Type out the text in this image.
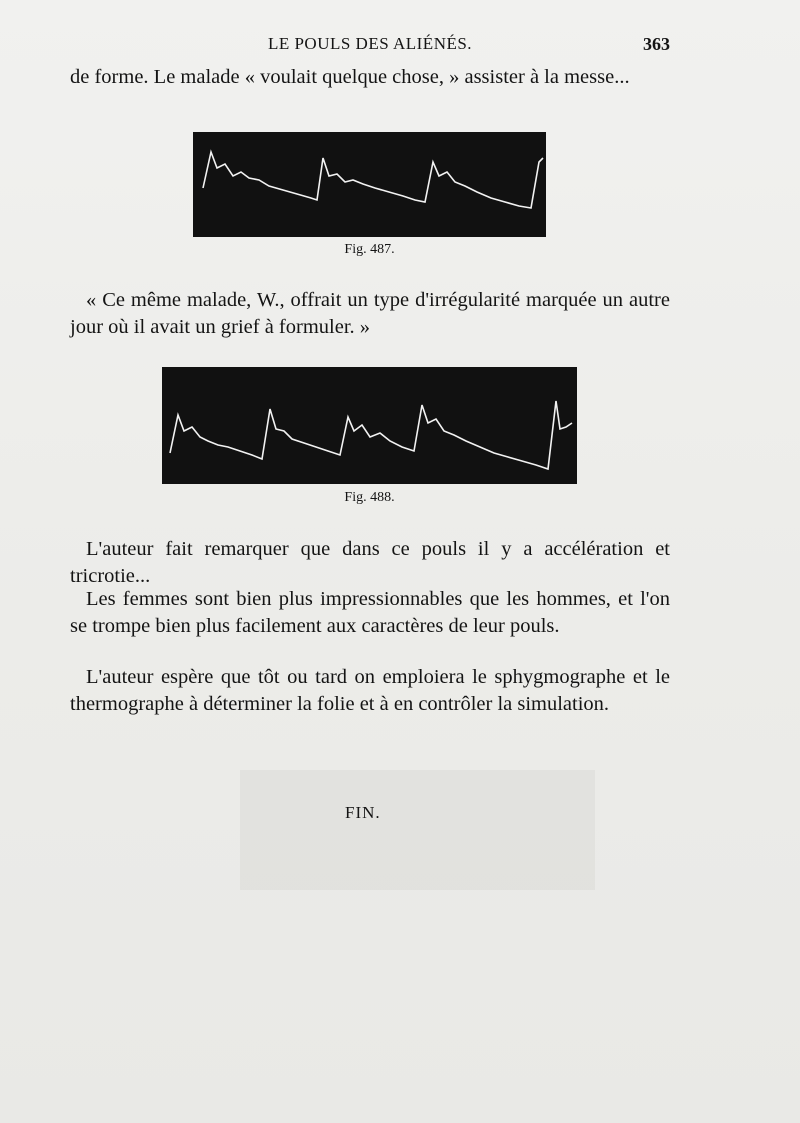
LE POULS DES ALIÉNÉS.	363

de forme. Le malade « voulait quelque chose, » assister à la messe...

Fig. 487.

« Ce même malade, W., offrait un type d'irrégularité marquée un autre jour où il avait un grief à formuler. »

Fig. 488.

L'auteur fait remarquer que dans ce pouls il y a accélération et tricrotie...

Les femmes sont bien plus impressionnables que les hommes, et l'on se trompe bien plus facilement aux caractères de leur pouls.

L'auteur espère que tôt ou tard on emploiera le sphygmographe et le thermographe à déterminer la folie et à en contrôler la simulation.

FIN.
